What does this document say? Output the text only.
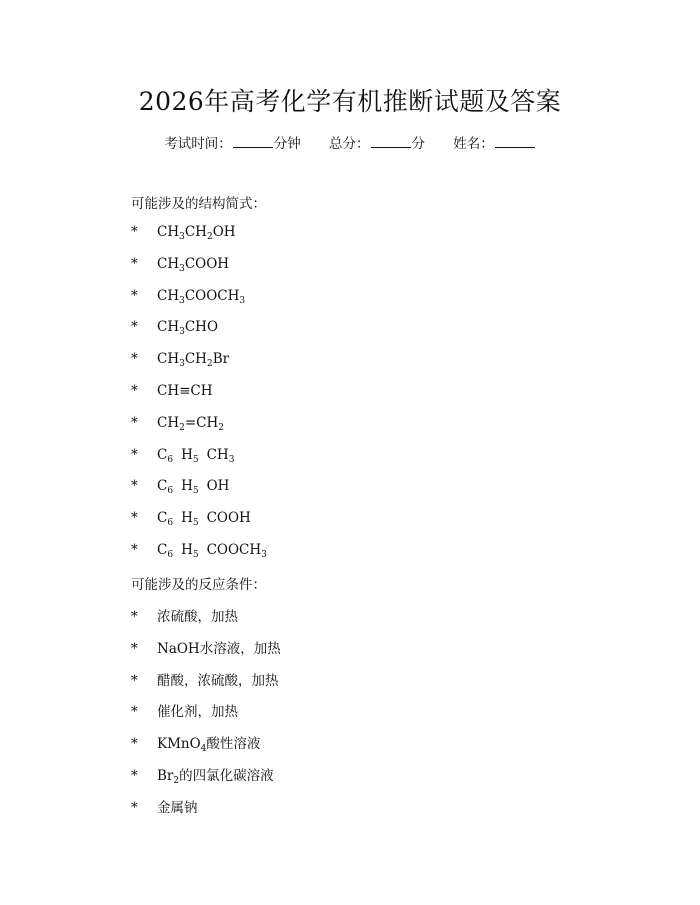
2026年高考化学有机推断试题及答案
考试时间：	分钟 总分：	分 姓名：
可能涉及的结构简式：
* $CH_3CH_2OH$
* $CH_3COOH$
* $CH_3COOCH_3$
* $CH_3CHO$
* $CH_3CH_2Br$
* CH≡CH
* $CH_2=CH_2$
* $C_6$ $H_5$ $CH_3$
* $C_6$ $H_5$ OH
* $C_6$ $H_5$ COOH
* $C_6$ $H_5$ $COOCH_3$
可能涉及的反应条件：
* 浓硫酸，加热
* NaOH水溶液，加热
* 醋酸，浓硫酸，加热
* 催化剂，加热
* KMnO$_4$酸性溶液
* $Br_2$的四氯化碳溶液
* 金属钠
